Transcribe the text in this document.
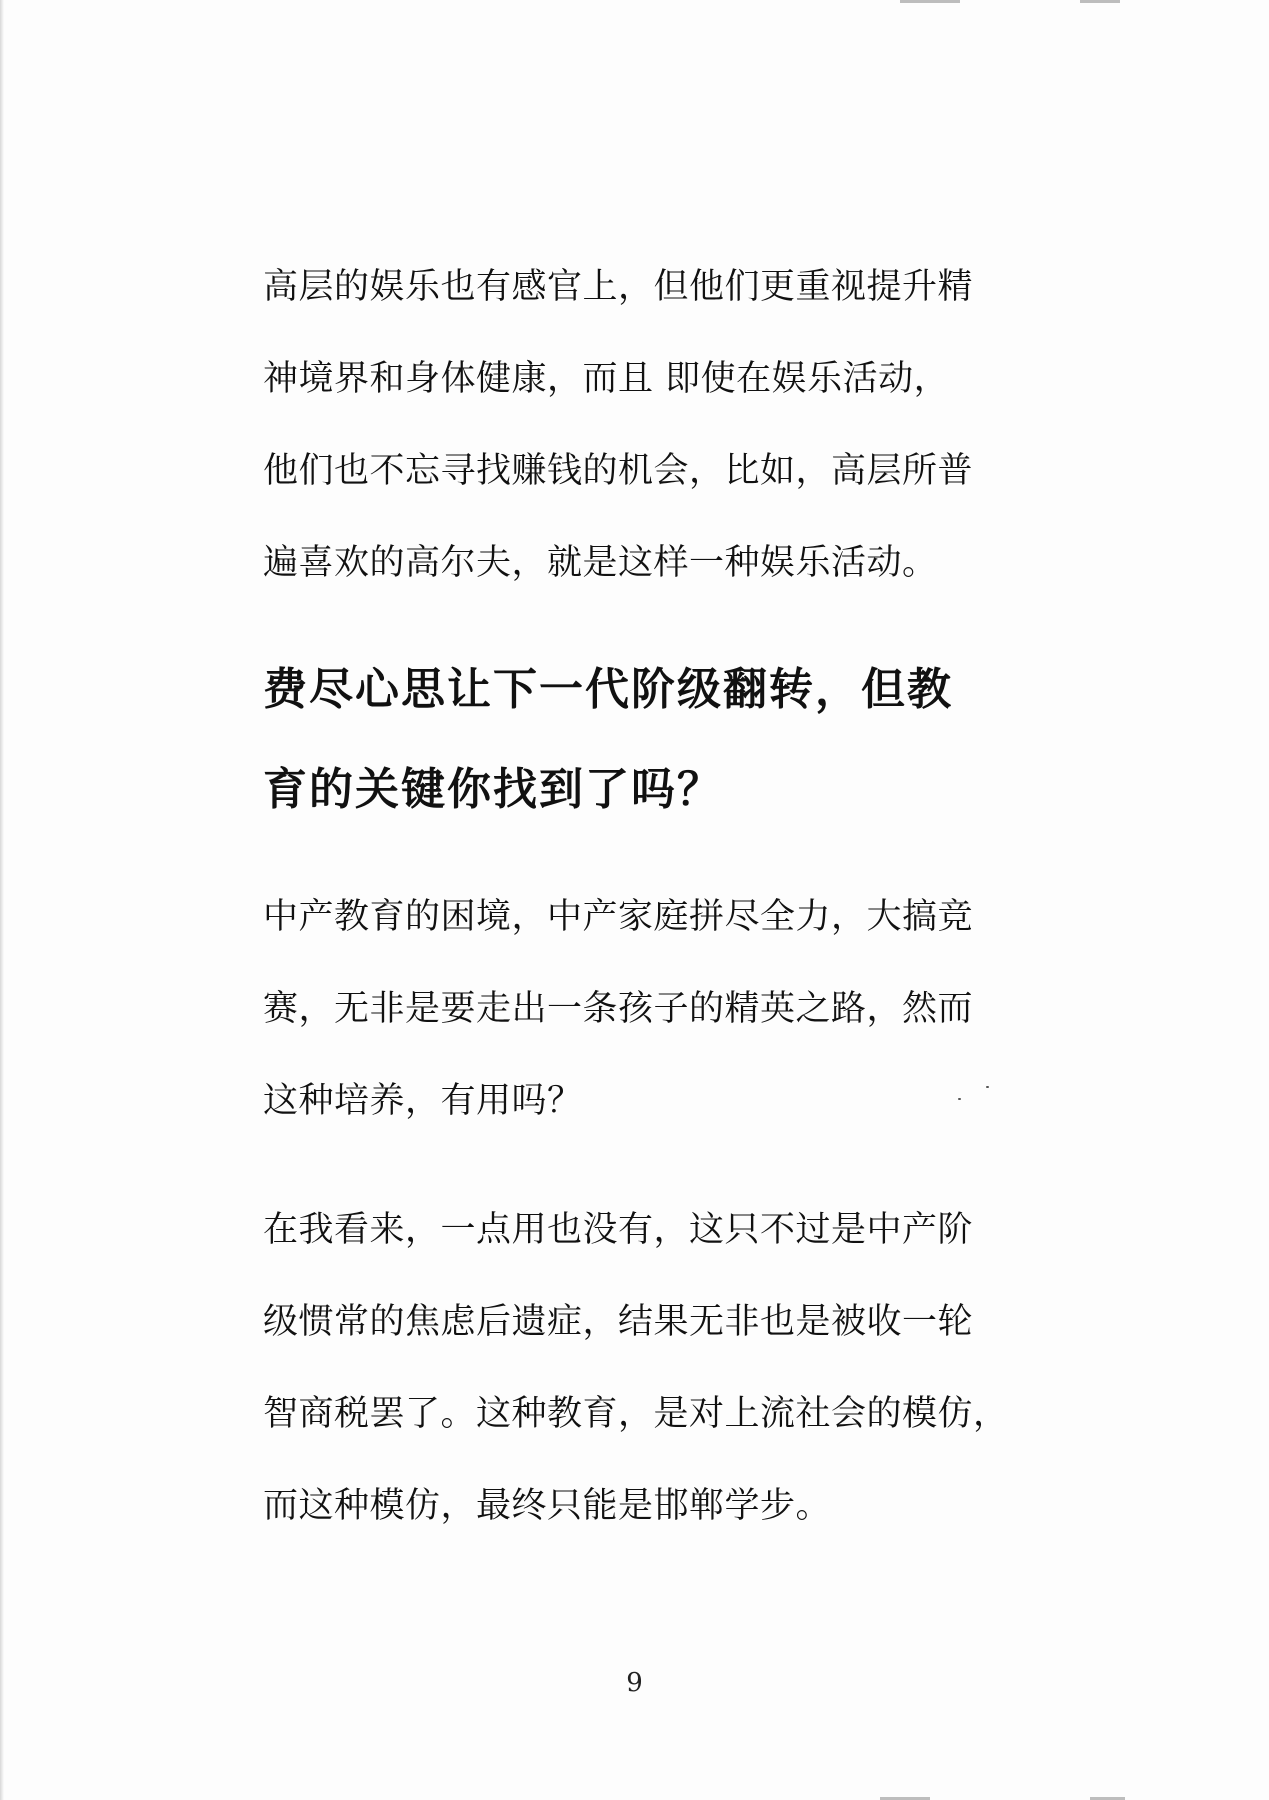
高层的娱乐也有感官上，但他们更重视提升精
神境界和身体健康，而且 即使在娱乐活动，
他们也不忘寻找赚钱的机会，比如，高层所普
遍喜欢的高尔夫，就是这样一种娱乐活动。

费尽心思让下一代阶级翻转，但教
育的关键你找到了吗？

中产教育的困境，中产家庭拼尽全力，大搞竞
赛，无非是要走出一条孩子的精英之路，然而
这种培养，有用吗？

在我看来，一点用也没有，这只不过是中产阶
级惯常的焦虑后遗症，结果无非也是被收一轮
智商税罢了。这种教育，是对上流社会的模仿，
而这种模仿，最终只能是邯郸学步。

9
